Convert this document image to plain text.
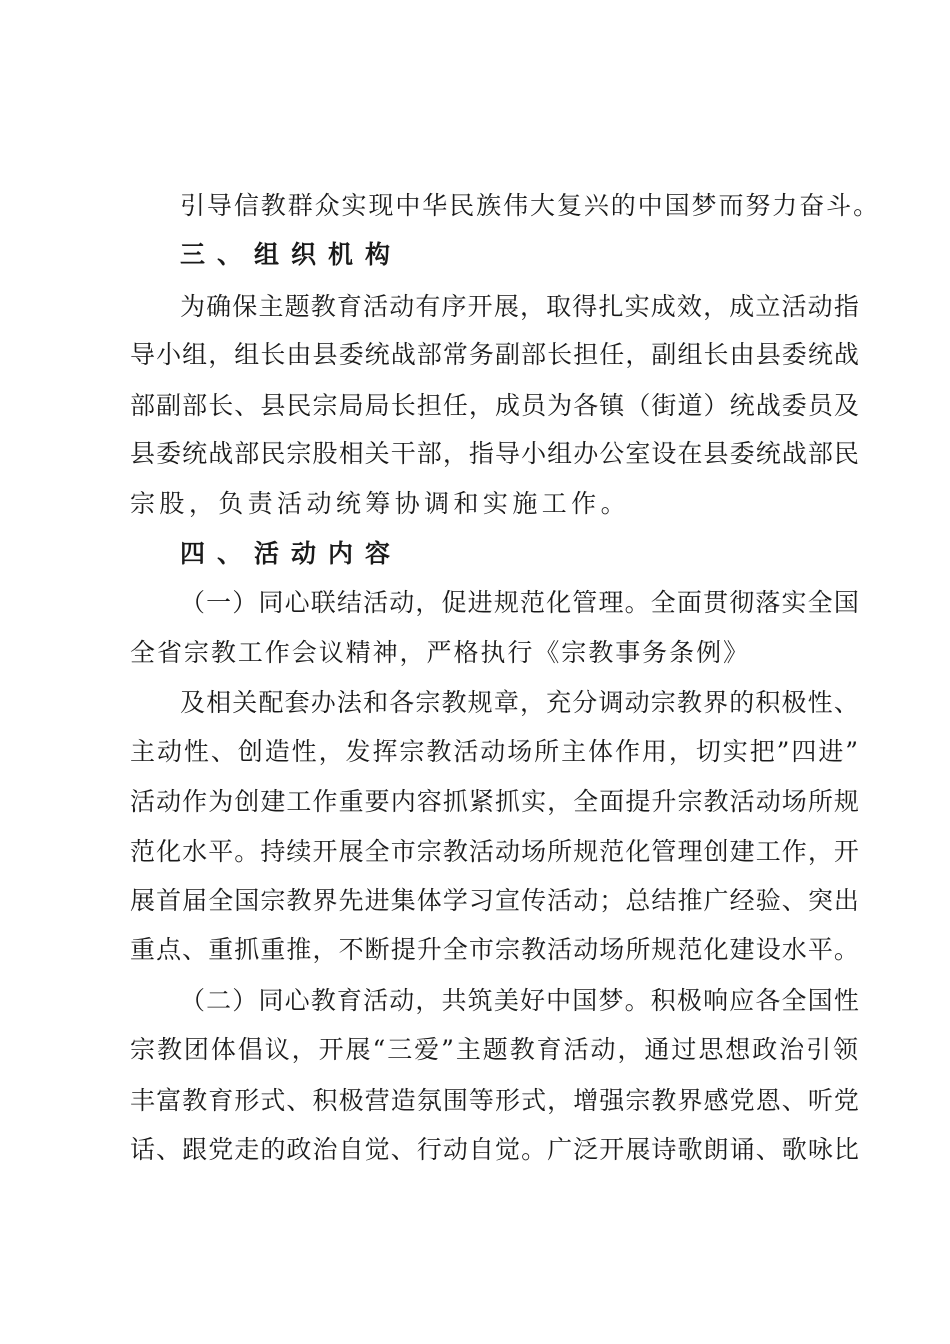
引导信教群众实现中华民族伟大复兴的中国梦而努力奋斗。
三、组织机构
为确保主题教育活动有序开展，取得扎实成效，成立活动指
导小组，组长由县委统战部常务副部长担任，副组长由县委统战
部副部长、县民宗局局长担任，成员为各镇（街道）统战委员及
县委统战部民宗股相关干部，指导小组办公室设在县委统战部民
宗股，负责活动统筹协调和实施工作。
四、活动内容
（一）同心联结活动，促进规范化管理。全面贯彻落实全国
全省宗教工作会议精神，严格执行《宗教事务条例》
及相关配套办法和各宗教规章，充分调动宗教界的积极性、
主动性、创造性，发挥宗教活动场所主体作用，切实把”四进”
活动作为创建工作重要内容抓紧抓实，全面提升宗教活动场所规
范化水平。持续开展全市宗教活动场所规范化管理创建工作，开
展首届全国宗教界先进集体学习宣传活动；总结推广经验、突出
重点、重抓重推，不断提升全市宗教活动场所规范化建设水平。
（二）同心教育活动，共筑美好中国梦。积极响应各全国性
宗教团体倡议，开展“三爱”主题教育活动，通过思想政治引领
丰富教育形式、积极营造氛围等形式，增强宗教界感党恩、听党
话、跟党走的政治自觉、行动自觉。广泛开展诗歌朗诵、歌咏比
